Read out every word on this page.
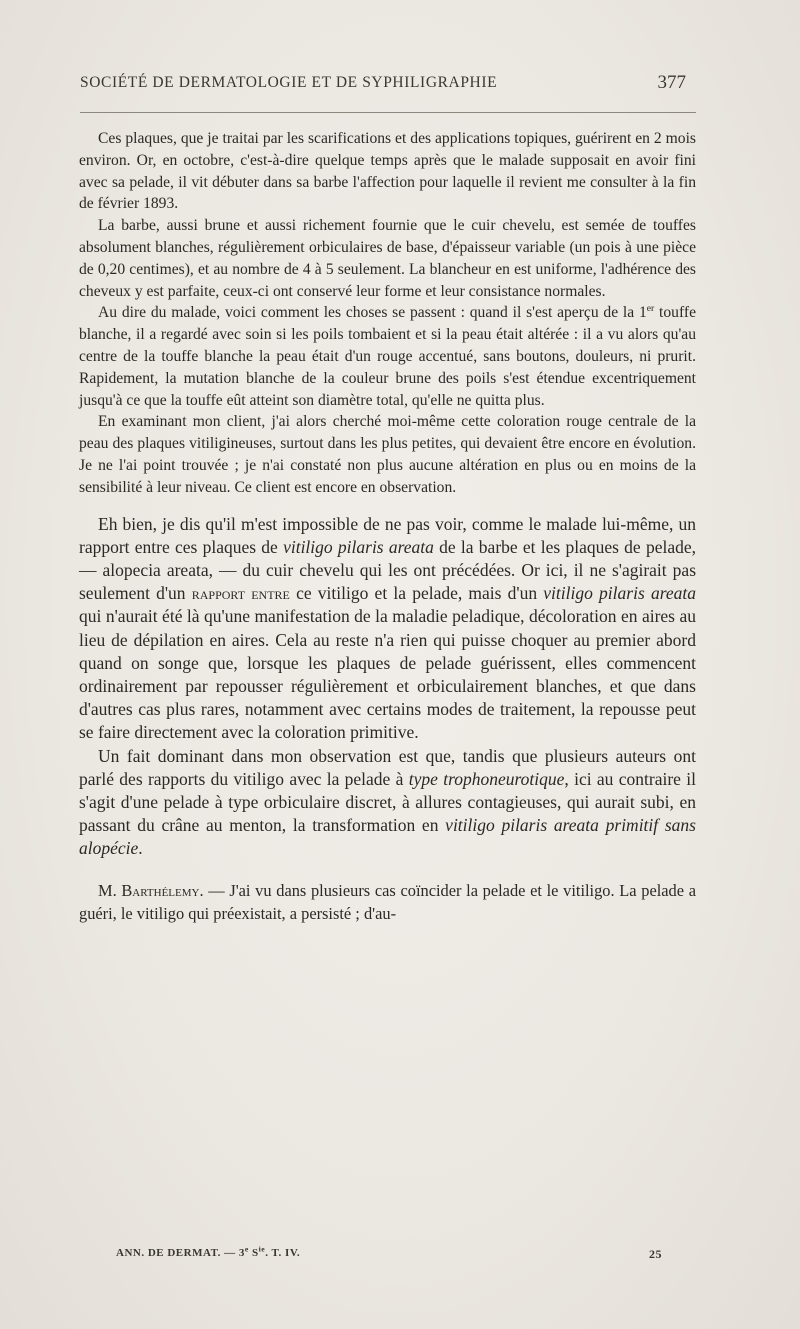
SOCIÉTÉ DE DERMATOLOGIE ET DE SYPHILIGRAPHIE	377

Ces plaques, que je traitai par les scarifications et des applications topiques, guérirent en 2 mois environ. Or, en octobre, c'est-à-dire quelque temps après que le malade supposait en avoir fini avec sa pelade, il vit débuter dans sa barbe l'affection pour laquelle il revient me consulter à la fin de février 1893.

La barbe, aussi brune et aussi richement fournie que le cuir chevelu, est semée de touffes absolument blanches, régulièrement orbiculaires de base, d'épaisseur variable (un pois à une pièce de 0,20 centimes), et au nombre de 4 à 5 seulement. La blancheur en est uniforme, l'adhérence des cheveux y est parfaite, ceux-ci ont conservé leur forme et leur consistance normales.

Au dire du malade, voici comment les choses se passent : quand il s'est aperçu de la 1er touffe blanche, il a regardé avec soin si les poils tombaient et si la peau était altérée : il a vu alors qu'au centre de la touffe blanche la peau était d'un rouge accentué, sans boutons, douleurs, ni prurit. Rapidement, la mutation blanche de la couleur brune des poils s'est étendue excentriquement jusqu'à ce que la touffe eût atteint son diamètre total, qu'elle ne quitta plus.

En examinant mon client, j'ai alors cherché moi-même cette coloration rouge centrale de la peau des plaques vitiligineuses, surtout dans les plus petites, qui devaient être encore en évolution. Je ne l'ai point trouvée ; je n'ai constaté non plus aucune altération en plus ou en moins de la sensibilité à leur niveau. Ce client est encore en observation.

Eh bien, je dis qu'il m'est impossible de ne pas voir, comme le malade lui-même, un rapport entre ces plaques de vitiligo pilaris areata de la barbe et les plaques de pelade, — alopecia areata, — du cuir chevelu qui les ont précédées. Or ici, il ne s'agirait pas seulement d'un rapport entre ce vitiligo et la pelade, mais d'un vitiligo pilaris areata qui n'aurait été là qu'une manifestation de la maladie peladique, décoloration en aires au lieu de dépilation en aires. Cela au reste n'a rien qui puisse choquer au premier abord quand on songe que, lorsque les plaques de pelade guérissent, elles commencent ordinairement par repousser régulièrement et orbiculairement blanches, et que dans d'autres cas plus rares, notamment avec certains modes de traitement, la repousse peut se faire directement avec la coloration primitive.

Un fait dominant dans mon observation est que, tandis que plusieurs auteurs ont parlé des rapports du vitiligo avec la pelade à type trophoneurotique, ici au contraire il s'agit d'une pelade à type orbiculaire discret, à allures contagieuses, qui aurait subi, en passant du crâne au menton, la transformation en vitiligo pilaris areata primitif sans alopécie.

M. Barthélemy. — J'ai vu dans plusieurs cas coïncider la pelade et le vitiligo. La pelade a guéri, le vitiligo qui préexistait, a persisté ; d'au-

ANN. DE DERMAT. — 3e $S^{ie}$. T. IV.	25
